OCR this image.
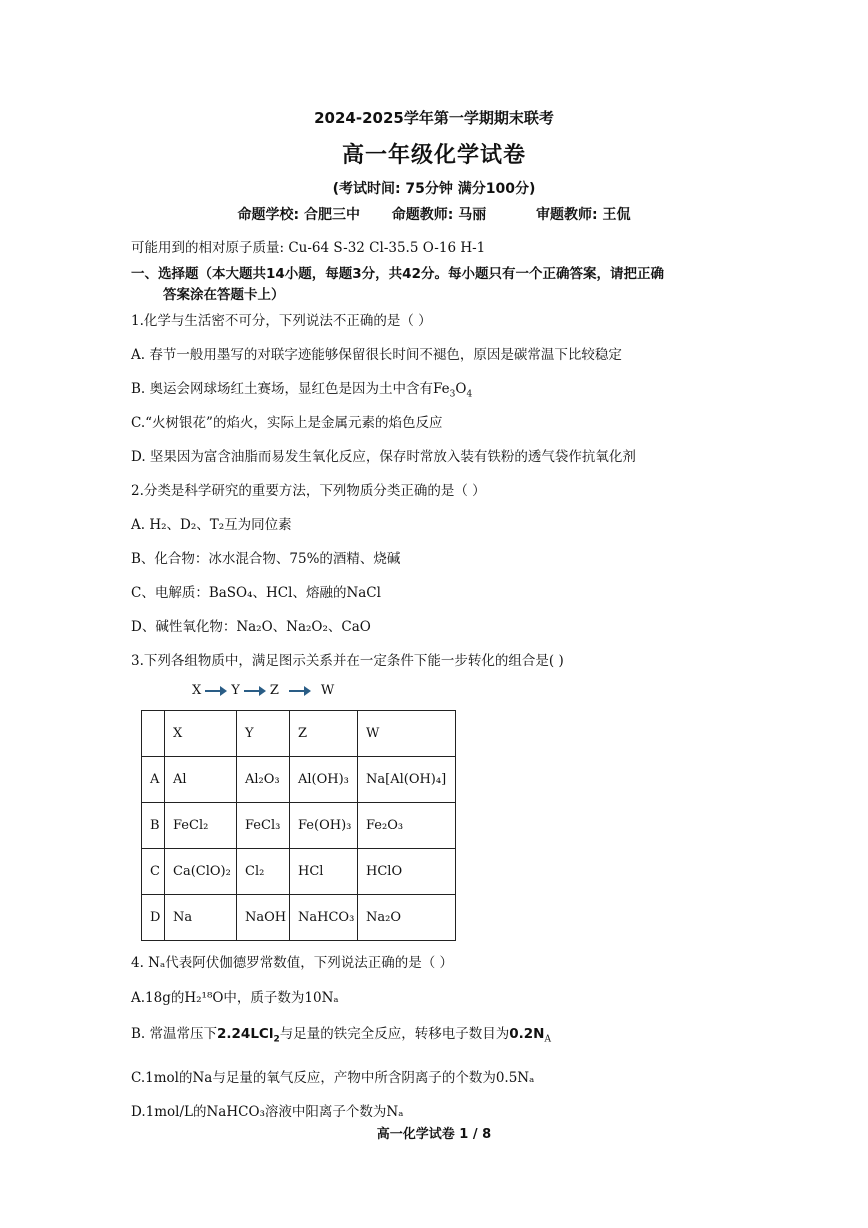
2024-2025学年第一学期期末联考
高一年级化学试卷
(考试时间: 75分钟 满分100分)
命题学校: 合肥三中 命题教师: 马丽	审题教师: 王侃
可能用到的相对原子质量: Cu-64 S-32 Cl-35.5 O-16 H-1
一、选择题（本大题共14小题，每题3分，共42分。每小题只有一个正确答案，请把正确
答案涂在答题卡上）
1.化学与生活密不可分，下列说法不正确的是（ ）
A. 春节一般用墨写的对联字迹能够保留很长时间不褪色，原因是碳常温下比较稳定
B. 奥运会网球场红土赛场，显红色是因为土中含有$Fe_3O_4$
C.“火树银花”的焰火，实际上是金属元素的焰色反应
D. 坚果因为富含油脂而易发生氧化反应，保存时常放入装有铁粉的透气袋作抗氧化剂
2.分类是科学研究的重要方法，下列物质分类正确的是（ ）
A. H₂、D₂、T₂互为同位素
B、化合物：冰水混合物、75%的酒精、烧碱
C、电解质：BaSO₄、HCl、熔融的NaCl
D、碱性氧化物：Na₂O、Na₂O₂、CaO
3.下列各组物质中，满足图示关系并在一定条件下能一步转化的组合是( )
X Y Z	W
	X	Y	Z	W
A	Al	Al₂O₃	Al(OH)₃	Na[Al(OH)₄]
B	FeCl₂	FeCl₃	Fe(OH)₃	Fe₂O₃
C	Ca(ClO)₂	Cl₂	HCl	HClO
D	Na	NaOH	NaHCO₃	Na₂O
4. Nₐ代表阿伏伽德罗常数值，下列说法正确的是（ ）
A.18g的H₂¹⁸O中，质子数为10Nₐ
B. 常温常压下2.24LCl$_2$与足量的铁完全反应，转移电子数目为$0.2N_A$
C.1mol的Na与足量的氧气反应，产物中所含阴离子的个数为0.5Nₐ
D.1mol/L的NaHCO₃溶液中阳离子个数为Nₐ
高一化学试卷 1 / 8
